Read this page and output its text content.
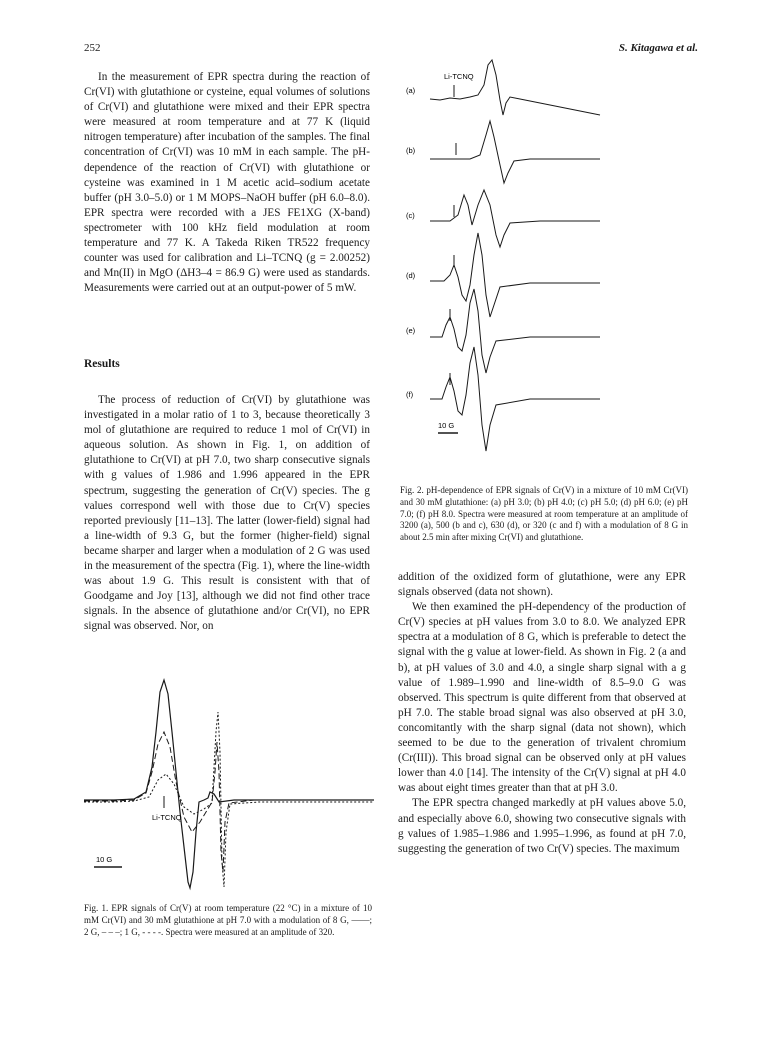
252	S. Kitagawa et al.

In the measurement of EPR spectra during the reaction of Cr(VI) with glutathione or cysteine, equal volumes of solutions of Cr(VI) and glutathione were mixed and their EPR spectra were measured at room temperature and at 77 K (liquid nitrogen temperature) after incubation of the samples. The final concentration of Cr(VI) was 10 mM in each sample. The pH-dependence of the reaction of Cr(VI) with glutathione or cysteine was examined in 1 M acetic acid–sodium acetate buffer (pH 3.0–5.0) or 1 M MOPS–NaOH buffer (pH 6.0–8.0). EPR spectra were recorded with a JES FE1XG (X-band) spectrometer with 100 kHz field modulation at room temperature and 77 K. A Takeda Riken TR522 frequency counter was used for calibration and Li–TCNQ (g = 2.00252) and Mn(II) in MgO (ΔH3–4 = 86.9 G) were used as standards. Measurements were carried out at an output-power of 5 mW.

Results

The process of reduction of Cr(VI) by glutathione was investigated in a molar ratio of 1 to 3, because theoretically 3 mol of glutathione are required to reduce 1 mol of Cr(VI) in aqueous solution. As shown in Fig. 1, on addition of glutathione to Cr(VI) at pH 7.0, two sharp consecutive signals with g values of 1.986 and 1.996 appeared in the EPR spectrum, suggesting the generation of Cr(V) species. The g values correspond well with those due to Cr(V) species reported previously [11–13]. The latter (lower-field) signal had a line-width of 9.3 G, but the former (higher-field) signal became sharper and larger when a modulation of 2 G was used in the measurement of the spectra (Fig. 1), where the line-width was about 1.9 G. This result is consistent with that of Goodgame and Joy [13], although we did not find other trace signals. In the absence of glutathione and/or Cr(VI), no EPR signal was observed. Nor, on

Li-TCNQ
10 G
Fig. 1. EPR signals of Cr(V) at room temperature (22 °C) in a mixture of 10 mM Cr(VI) and 30 mM glutathione at pH 7.0 with a modulation of 8 G, ——; 2 G, – – –; 1 G, - - - -. Spectra were measured at an amplitude of 320.
Li-TCNQ
(a)
(b)
(c)
(d)
(e)
(f)
10 G
Fig. 2. pH-dependence of EPR signals of Cr(V) in a mixture of 10 mM Cr(VI) and 30 mM glutathione: (a) pH 3.0; (b) pH 4.0; (c) pH 5.0; (d) pH 6.0; (e) pH 7.0; (f) pH 8.0. Spectra were measured at room temperature at an amplitude of 3200 (a), 500 (b and c), 630 (d), or 320 (c and f) with a modulation of 8 G in about 2.5 min after mixing Cr(VI) and glutathione.

addition of the oxidized form of glutathione, were any EPR signals observed (data not shown).

We then examined the pH-dependency of the production of Cr(V) species at pH values from 3.0 to 8.0. We analyzed EPR spectra at a modulation of 8 G, which is preferable to detect the signal with the g value at lower-field. As shown in Fig. 2 (a and b), at pH values of 3.0 and 4.0, a single sharp signal with a g value of 1.989–1.990 and line-width of 8.5–9.0 G was observed. This spectrum is quite different from that observed at pH 7.0. The stable broad signal was also observed at pH 3.0, concomitantly with the sharp signal (data not shown), which seemed to be due to the generation of trivalent chromium (Cr(III)). This broad signal can be observed only at pH values lower than 4.0 [14]. The intensity of the Cr(V) signal at pH 4.0 was about eight times greater than that at pH 3.0.

The EPR spectra changed markedly at pH values above 5.0, and especially above 6.0, showing two consecutive signals with g values of 1.985–1.986 and 1.995–1.996, as found at pH 7.0, suggesting the generation of two Cr(V) species. The maximum
